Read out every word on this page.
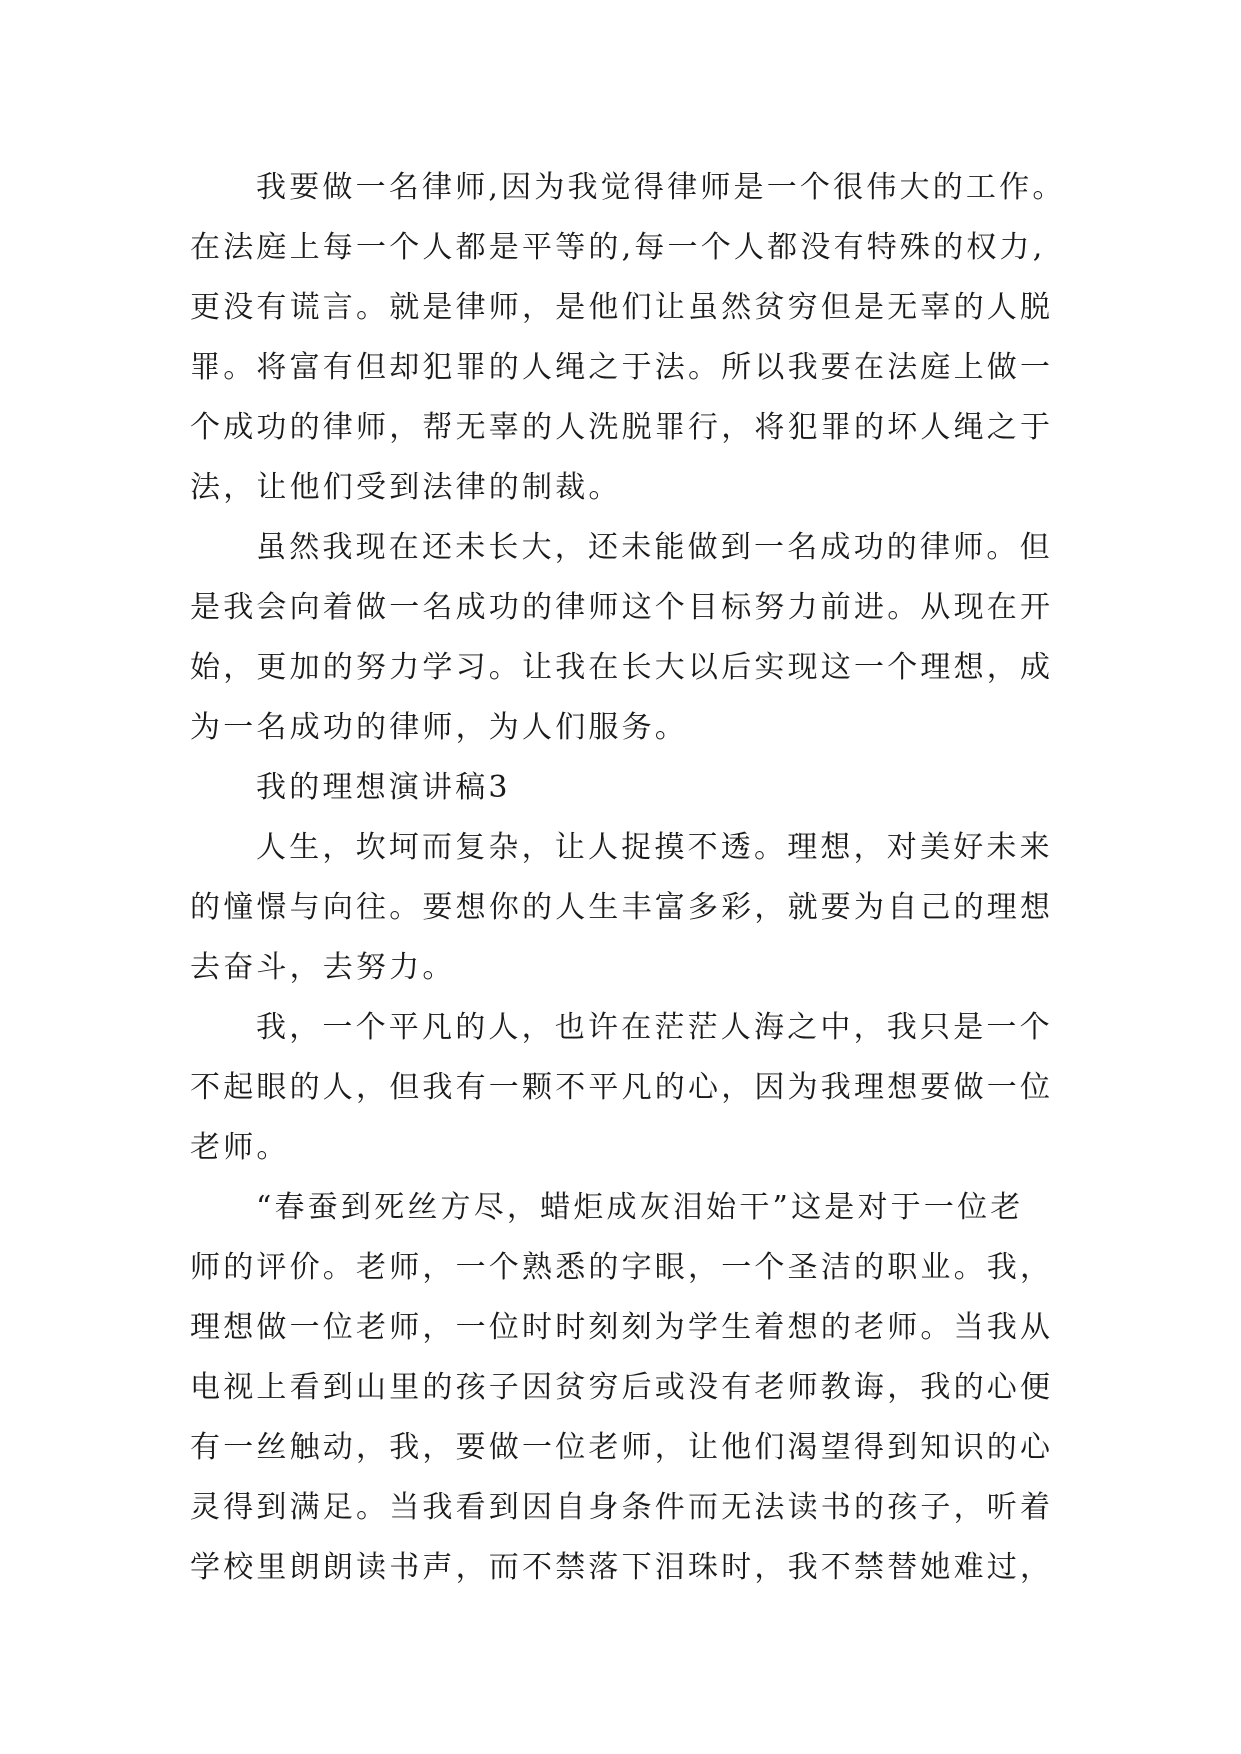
我要做一名律师,因为我觉得律师是一个很伟大的工作。
在法庭上每一个人都是平等的,每一个人都没有特殊的权力,
更没有谎言。就是律师，是他们让虽然贫穷但是无辜的人脱
罪。将富有但却犯罪的人绳之于法。所以我要在法庭上做一
个成功的律师，帮无辜的人洗脱罪行，将犯罪的坏人绳之于
法，让他们受到法律的制裁。
虽然我现在还未长大，还未能做到一名成功的律师。但
是我会向着做一名成功的律师这个目标努力前进。从现在开
始，更加的努力学习。让我在长大以后实现这一个理想，成
为一名成功的律师，为人们服务。
我的理想演讲稿3
人生，坎坷而复杂，让人捉摸不透。理想，对美好未来
的憧憬与向往。要想你的人生丰富多彩，就要为自己的理想
去奋斗，去努力。
我，一个平凡的人，也许在茫茫人海之中，我只是一个
不起眼的人，但我有一颗不平凡的心，因为我理想要做一位
老师。
“春蚕到死丝方尽，蜡炬成灰泪始干”这是对于一位老
师的评价。老师，一个熟悉的字眼，一个圣洁的职业。我，
理想做一位老师，一位时时刻刻为学生着想的老师。当我从
电视上看到山里的孩子因贫穷后或没有老师教诲，我的心便
有一丝触动，我，要做一位老师，让他们渴望得到知识的心
灵得到满足。当我看到因自身条件而无法读书的孩子，听着
学校里朗朗读书声，而不禁落下泪珠时，我不禁替她难过，
